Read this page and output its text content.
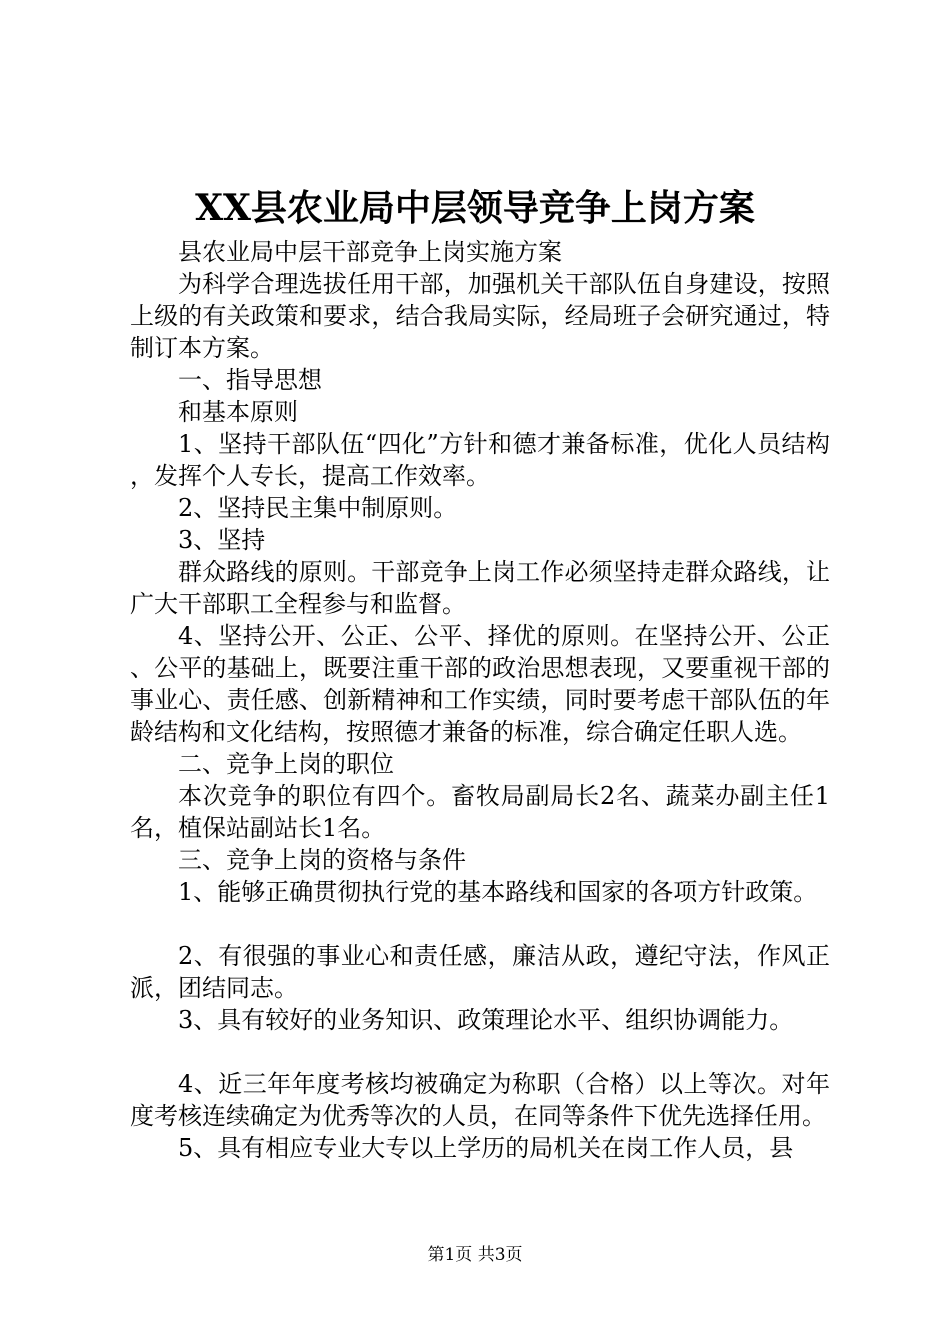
XX县农业局中层领导竞争上岗方案

县农业局中层干部竞争上岗实施方案

为科学合理选拔任用干部，加强机关干部队伍自身建设，按照上级的有关政策和要求，结合我局实际，经局班子会研究通过，特制订本方案。

一、指导思想

和基本原则

1、坚持干部队伍“四化”方针和德才兼备标准，优化人员结构，发挥个人专长，提高工作效率。

2、坚持民主集中制原则。

3、坚持

群众路线的原则。干部竞争上岗工作必须坚持走群众路线，让广大干部职工全程参与和监督。

4、坚持公开、公正、公平、择优的原则。在坚持公开、公正、公平的基础上，既要注重干部的政治思想表现，又要重视干部的事业心、责任感、创新精神和工作实绩，同时要考虑干部队伍的年龄结构和文化结构，按照德才兼备的标准，综合确定任职人选。

二、竞争上岗的职位

本次竞争的职位有四个。畜牧局副局长2名、蔬菜办副主任1名，植保站副站长1名。

三、竞争上岗的资格与条件

1、能够正确贯彻执行党的基本路线和国家的各项方针政策。

2、有很强的事业心和责任感，廉洁从政，遵纪守法，作风正派，团结同志。

3、具有较好的业务知识、政策理论水平、组织协调能力。

4、近三年年度考核均被确定为称职（合格）以上等次。对年度考核连续确定为优秀等次的人员，在同等条件下优先选择任用。

5、具有相应专业大专以上学历的局机关在岗工作人员，县

第1页 共3页
